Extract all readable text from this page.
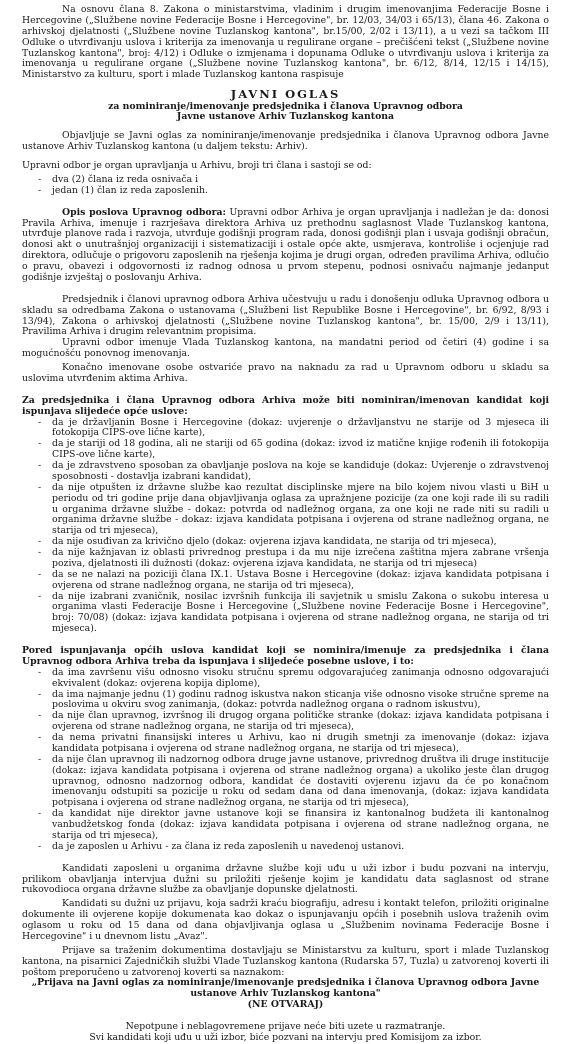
Na osnovu člana 8. Zakona o ministarstvima, vladinim i drugim imenovanjima Federacije Bosne i Hercegovine („Službene novine Federacije Bosne i Hercegovine", br. 12/03, 34/03 i 65/13), člana 46. Zakona o arhivskoj djelatnosti („Službene novine Tuzlanskog kantona", br.15/00, 2/02 i 13/11), a u vezi sa tačkom III Odluke o utvrđivanju uslova i kriterija za imenovanja u regulirane organe – prečišćeni tekst („Službene novine Tuzlanskog kantona", broj: 4/12) i Odluke o izmjenama i dopunama Odluke o utvrđivanju uslova i kriterija za imenovanja u regulirane organe („Službene novine Tuzlanskog kantona", br. 6/12, 8/14, 12/15 i 14/15), Ministarstvo za kulturu, sport i mlade Tuzlanskog kantona raspisuje

JAVNI OGLAS

za nominiranje/imenovanje predsjednika i članova Upravnog odbora

Javne ustanove Arhiv Tuzlanskog kantona

Objavljuje se Javni oglas za nominiranje/imenovanje predsjednika i članova Upravnog odbora Javne ustanove Arhiv Tuzlanskog kantona (u daljem tekstu: Arhiv).

Upravni odbor je organ upravljanja u Arhivu, broji tri člana i sastoji se od:

- dva (2) člana iz reda osnivača i
- jedan (1) član iz reda zaposlenih.

Opis poslova Upravnog odbora: Upravni odbor Arhiva je organ upravljanja i nadležan je da: donosi Pravila Arhiva, imenuje i razrješava direktora Arhiva uz prethodnu saglasnost Vlade Tuzlanskog kantona, utvrđuje planove rada i razvoja, utvrđuje godišnji program rada, donosi godišnji plan i usvaja godišnji obračun, donosi akt o unutrašnjoj organizaciji i sistematizaciji i ostale opće akte, usmjerava, kontroliše i ocjenjuje rad direktora, odlučuje o prigovoru zaposlenih na rješenja kojima je drugi organ, određen pravilima Arhiva, odlučio o pravu, obavezi i odgovornosti iz radnog odnosa u prvom stepenu, podnosi osnivaču najmanje jedanput godišnje izvještaj o poslovanju Arhiva.

Predsjednik i članovi upravnog odbora Arhiva učestvuju u radu i donošenju odluka Upravnog odbora u skladu sa odredbama Zakona o ustanovama („Službeni list Republike Bosne i Hercegovine", br. 6/92, 8/93 i 13/94), Zakona o arhivskoj djelatnosti („Službene novine Tuzlanskog kantona", br. 15/00, 2/9 i 13/11), Pravilima Arhiva i drugim relevantnim propisima.

Upravni odbor imenuje Vlada Tuzlanskog kantona, na mandatni period od četiri (4) godine i sa mogućnošću ponovnog imenovanja.

Konačno imenovane osobe ostvariće pravo na naknadu za rad u Upravnom odboru u skladu sa uslovima utvrđenim aktima Arhiva.

Za predsjednika i člana Upravnog odbora Arhiva može biti nominiran/imenovan kandidat koji ispunjava slijedeće opće uslove:

- da je državljanin Bosne i Hercegovine (dokaz: uvjerenje o državljanstvu ne starije od 3 mjeseca ili fotokopija CIPS-ove lične karte),
- da je stariji od 18 godina, ali ne stariji od 65 godina (dokaz: izvod iz matične knjige rođenih ili fotokopija CIPS-ove lične karte),
- da je zdravstveno sposoban za obavljanje poslova na koje se kandiduje (dokaz: Uvjerenje o zdravstvenoj sposobnosti - dostavlja izabrani kandidat),
- da nije otpušten iz državne službe kao rezultat disciplinske mjere na bilo kojem nivou vlasti u BiH u periodu od tri godine prije dana objavljivanja oglasa za upražnjene pozicije (za one koji rade ili su radili u organima državne službe - dokaz: potvrda od nadležnog organa, za one koji ne rade niti su radili u organima državne službe - dokaz: izjava kandidata potpisana i ovjerena od strane nadležnog organa, ne starija od tri mjeseca),
- da nije osuđivan za krivično djelo (dokaz: ovjerena izjava kandidata, ne starija od tri mjeseca),
- da nije kažnjavan iz oblasti privrednog prestupa i da mu nije izrečena zaštitna mjera zabrane vršenja poziva, djelatnosti ili dužnosti (dokaz: ovjerena izjava kandidata, ne starija od tri mjeseca)
- da se ne nalazi na poziciji člana IX.1. Ustava Bosne i Hercegovine (dokaz: izjava kandidata potpisana i ovjerena od strane nadležnog organa, ne starija od tri mjeseca),
- da nije izabrani zvaničnik, nosilac izvršnih funkcija ili savjetnik u smislu Zakona o sukobu interesa u organima vlasti Federacije Bosne i Hercegovine („Službene novine Federacije Bosne i Hercegovine", broj: 70/08) (dokaz: izjava kandidata potpisana i ovjerena od strane nadležnog organa, ne starija od tri mjeseca).

Pored ispunjavanja općih uslova kandidat koji se nominira/imenuje za predsjednika i člana Upravnog odbora Arhiva treba da ispunjava i slijedeće posebne uslove, i to:

- da ima završenu višu odnosno visoku stručnu spremu odgovarajućeg zanimanja odnosno odgovarajući ekvivalent (dokaz: ovjerena kopija diplome),
- da ima najmanje jednu (1) godinu radnog iskustva nakon sticanja više odnosno visoke stručne spreme na poslovima u okviru svog zanimanja, (dokaz: potvrda nadležnog organa o radnom iskustvu),
- da nije član upravnog, izvršnog ili drugog organa političke stranke (dokaz: izjava kandidata potpisana i ovjerena od strane nadležnog organa, ne starija od tri mjeseca),
- da nema privatni finansijski interes u Arhivu, kao ni drugih smetnji za imenovanje (dokaz: izjava kandidata potpisana i ovjerena od strane nadležnog organa, ne starija od tri mjeseca),
- da nije član upravnog ili nadzornog odbora druge javne ustanove, privrednog društva ili druge institucije (dokaz: izjava kandidata potpisana i ovjerena od strane nadležnog organa) a ukoliko jeste član drugog upravnog, odnosno nadzornog odbora, kandidat će dostaviti ovjerenu izjavu da će po konačnom imenovanju odstupiti sa pozicije u roku od sedam dana od dana imenovanja, (dokaz: izjava kandidata potpisana i ovjerena od strane nadležnog organa, ne starija od tri mjeseca),
- da kandidat nije direktor javne ustanove koji se finansira iz kantonalnog budžeta ili kantonalnog vanbudžetskog fonda (dokaz: izjava kandidata potpisana i ovjerena od strane nadležnog organa, ne starija od tri mjeseca),
- da je zaposlen u Arhivu - za člana iz reda zaposlenih u navedenoj ustanovi.

Kandidati zaposleni u organima državne službe koji uđu u uži izbor i budu pozvani na intervju, prilikom obavljanja intervjua dužni su priložiti rješenje kojim je kandidatu data saglasnost od strane rukovodioca organa državne službe za obavljanje dopunske djelatnosti.

Kandidati su dužni uz prijavu, koja sadrži kraću biografiju, adresu i kontakt telefon, priložiti originalne dokumente ili ovjerene kopije dokumenata kao dokaz o ispunjavanju općih i posebnih uslova traženih ovim oglasom u roku od 15 dana od dana objavljivanja oglasa u „Službenim novinama Federacije Bosne i Hercegovine" i u dnevnom listu „Avaz".

Prijave sa traženim dokumentima dostavljaju se Ministarstvu za kulturu, sport i mlade Tuzlanskog kantona, na pisarnici Zajedničkih službi Vlade Tuzlanskog kantona (Rudarska 57, Tuzla) u zatvorenoj koverti ili poštom preporučeno u zatvorenoj koverti sa naznakom:

„Prijava na Javni oglas za nominiranje/imenovanje predsjednika i članova Upravnog odbora Javne ustanove Arhiv Tuzlanskog kantona"

(NE OTVARAJ)

Nepotpune i neblagovremene prijave neće biti uzete u razmatranje.

Svi kandidati koji uđu u uži izbor, biće pozvani na intervju pred Komisijom za izbor.
